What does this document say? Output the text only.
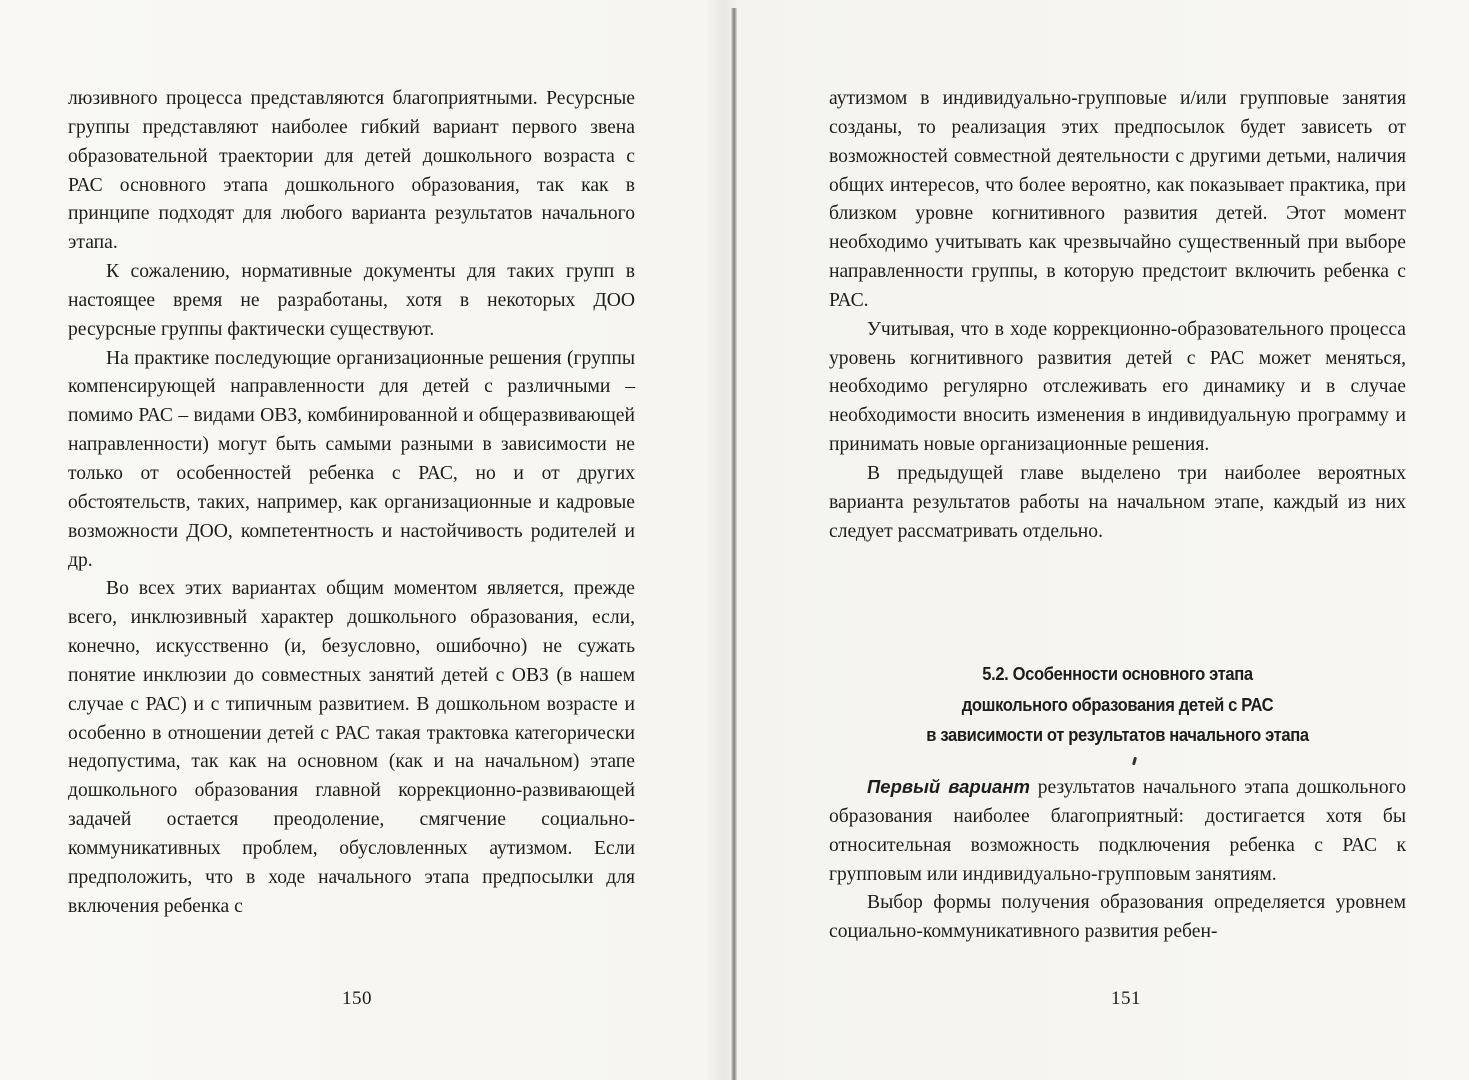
люзивного процесса представляются благоприятными. Ресурсные группы представляют наиболее гибкий вариант первого звена образовательной траектории для детей дошкольного возраста с РАС основного этапа дошкольного образования, так как в принципе подходят для любого варианта результатов начального этапа.

К сожалению, нормативные документы для таких групп в настоящее время не разработаны, хотя в некоторых ДОО ресурсные группы фактически существуют.

На практике последующие организационные решения (группы компенсирующей направленности для детей с различными – помимо РАС – видами ОВЗ, комбинированной и общеразвивающей направленности) могут быть самыми разными в зависимости не только от особенностей ребенка с РАС, но и от других обстоятельств, таких, например, как организационные и кадровые возможности ДОО, компетентность и настойчивость родителей и др.

Во всех этих вариантах общим моментом является, прежде всего, инклюзивный характер дошкольного образования, если, конечно, искусственно (и, безусловно, ошибочно) не сужать понятие инклюзии до совместных занятий детей с ОВЗ (в нашем случае с РАС) и с типичным развитием. В дошкольном возрасте и особенно в отношении детей с РАС такая трактовка категорически недопустима, так как на основном (как и на начальном) этапе дошкольного образования главной коррекционно-развивающей задачей остается преодоление, смягчение социально-коммуникативных проблем, обусловленных аутизмом. Если предположить, что в ходе начального этапа предпосылки для включения ребенка с

150

аутизмом в индивидуально-групповые и/или групповые занятия созданы, то реализация этих предпосылок будет зависеть от возможностей совместной деятельности с другими детьми, наличия общих интересов, что более вероятно, как показывает практика, при близком уровне когнитивного развития детей. Этот момент необходимо учитывать как чрезвычайно существенный при выборе направленности группы, в которую предстоит включить ребенка с РАС.

Учитывая, что в ходе коррекционно-образовательного процесса уровень когнитивного развития детей с РАС может меняться, необходимо регулярно отслеживать его динамику и в случае необходимости вносить изменения в индивидуальную программу и принимать новые организационные решения.

В предыдущей главе выделено три наиболее вероятных варианта результатов работы на начальном этапе, каждый из них следует рассматривать отдельно.

5.2. Особенности основного этапа
дошкольного образования детей с РАС
в зависимости от результатов начального этапа

Первый вариант результатов начального этапа дошкольного образования наиболее благоприятный: достигается хотя бы относительная возможность подключения ребенка с РАС к групповым или индивидуально-групповым занятиям.

Выбор формы получения образования определяется уровнем социально-коммуникативного развития ребен-

151
